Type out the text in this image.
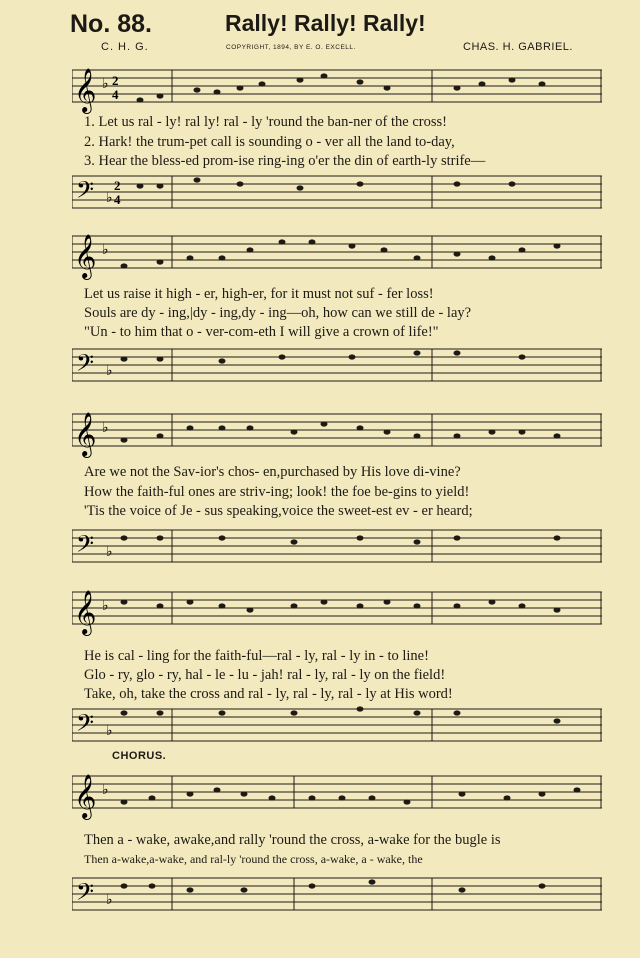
No. 88.	Rally! Rally! Rally!
C. H. G.	COPYRIGHT, 1894, BY E. O. EXCELL.	CHAS. H. GABRIEL.
𝄞 ♭ 2
4
1. Let us ral - ly! ral ly! ral - ly 'round the ban-ner of the cross!
2. Hark! the trum-pet call is sounding o - ver all the land to-day,
3. Hear the bless-ed prom-ise ring-ing o'er the din of earth-ly strife—
𝄢 ♭
2
4
𝄞 ♭
Let us raise it high - er, high-er, for it must not suf - fer loss!
Souls are dy - ing,|dy - ing,dy - ing—oh, how can we still de - lay?
"Un - to him that o - ver-com-eth I will give a crown of life!"
𝄢 ♭
𝄞 ♭
Are we not the Sav-ior's chos- en,purchased by His love di-vine?
How the faith-ful ones are striv-ing; look! the foe be-gins to yield!
'Tis the voice of Je - sus speaking,voice the sweet-est ev - er heard;
𝄢 ♭
𝄞 ♭
He is cal - ling for the faith-ful—ral - ly, ral - ly in - to line!
Glo - ry, glo - ry, hal - le - lu - jah! ral - ly, ral - ly on the field!
Take, oh, take the cross and ral - ly, ral - ly, ral - ly at His word!
𝄢 ♭
CHORUS.
𝄞 ♭
Then a - wake, awake,and rally 'round the cross, a-wake for the bugle is
Then a-wake,a-wake, and ral-ly 'round the cross, a-wake, a - wake, the
𝄢 ♭
